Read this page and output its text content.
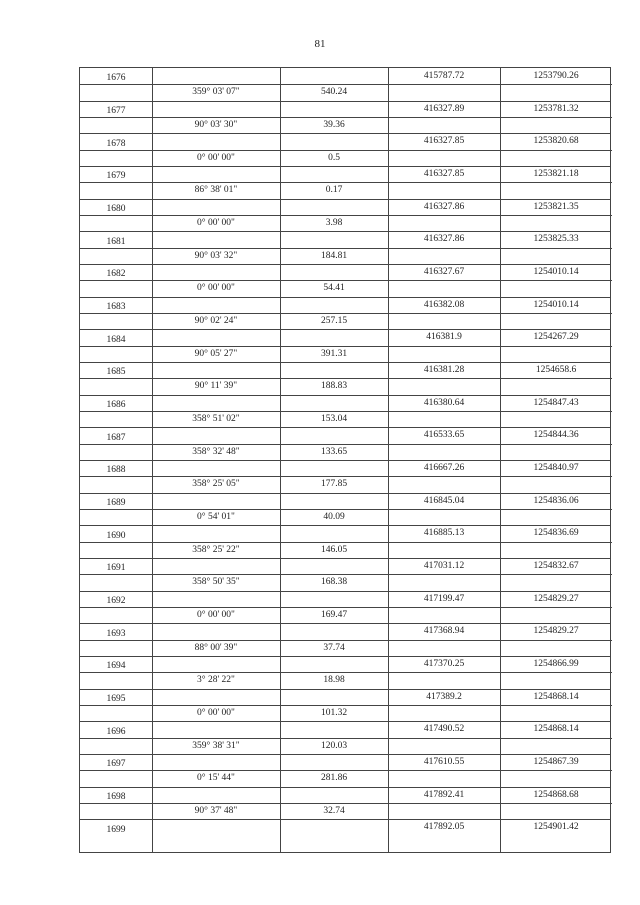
81
1676	415787.72	1253790.26
359° 03' 07"	540.24
1677	416327.89	1253781.32
90° 03' 30"	39.36
1678	416327.85	1253820.68
0° 00' 00"	0.5
1679	416327.85	1253821.18
86° 38' 01"	0.17
1680	416327.86	1253821.35
0° 00' 00"	3.98
1681	416327.86	1253825.33
90° 03' 32"	184.81
1682	416327.67	1254010.14
0° 00' 00"	54.41
1683	416382.08	1254010.14
90° 02' 24"	257.15
1684	416381.9	1254267.29
90° 05' 27"	391.31
1685	416381.28	1254658.6
90° 11' 39"	188.83
1686	416380.64	1254847.43
358° 51' 02"	153.04
1687	416533.65	1254844.36
358° 32' 48"	133.65
1688	416667.26	1254840.97
358° 25' 05"	177.85
1689	416845.04	1254836.06
0° 54' 01"	40.09
1690	416885.13	1254836.69
358° 25' 22"	146.05
1691	417031.12	1254832.67
358° 50' 35"	168.38
1692	417199.47	1254829.27
0° 00' 00"	169.47
1693	417368.94	1254829.27
88° 00' 39"	37.74
1694	417370.25	1254866.99
3° 28' 22"	18.98
1695	417389.2	1254868.14
0° 00' 00"	101.32
1696	417490.52	1254868.14
359° 38' 31"	120.03
1697	417610.55	1254867.39
0° 15' 44"	281.86
1698	417892.41	1254868.68
90° 37' 48"	32.74
1699	417892.05	1254901.42
